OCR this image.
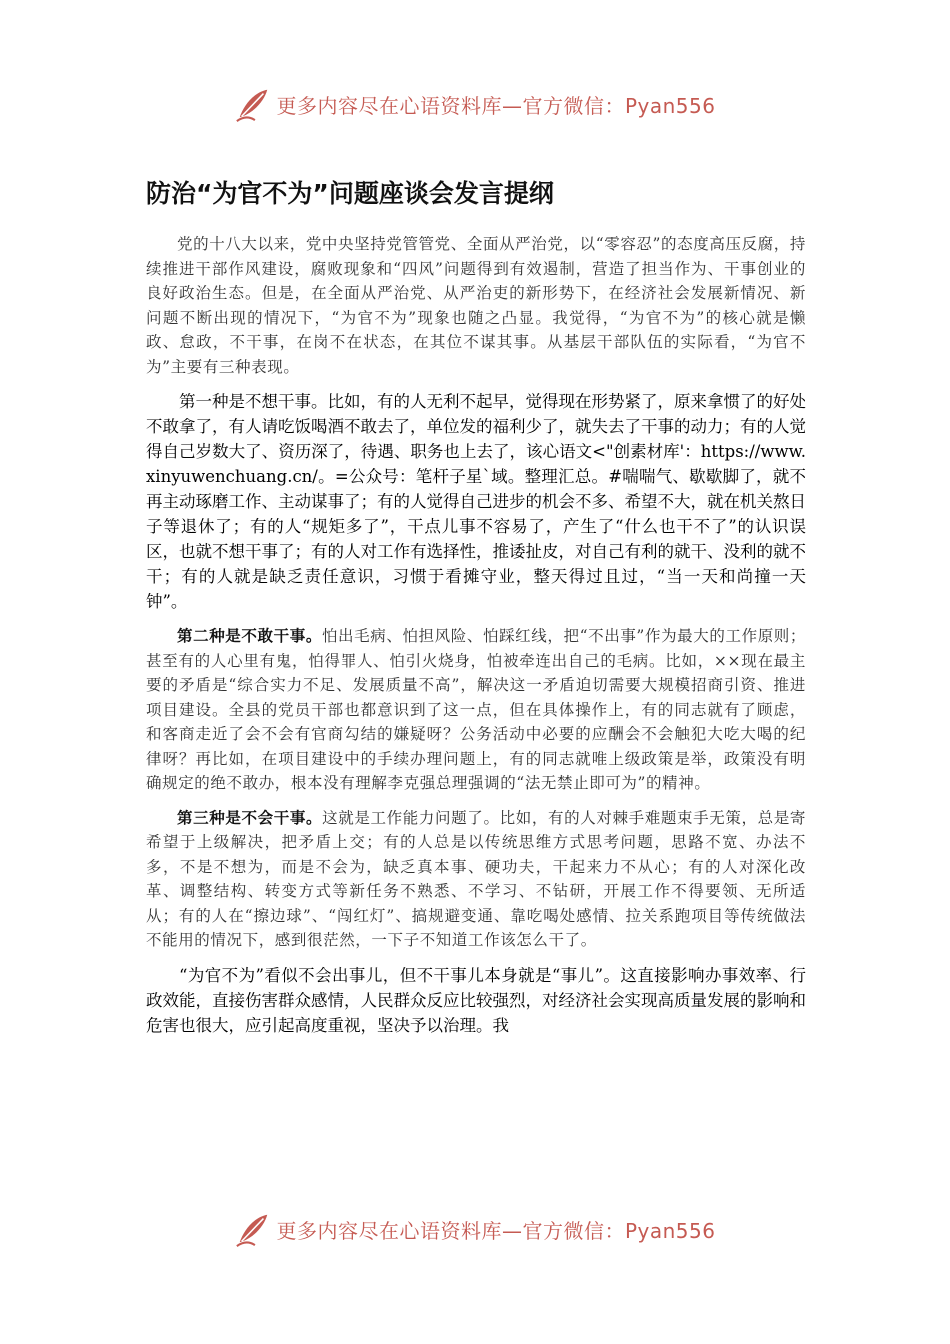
更多内容尽在心语资料库—官方微信：Pyan556
防治“为官不为”问题座谈会发言提纲

党的十八大以来，党中央坚持党管管党、全面从严治党，以“零容忍”的态度高压反腐，持续推进干部作风建设，腐败现象和“四风”问题得到有效遏制，营造了担当作为、干事创业的良好政治生态。但是，在全面从严治党、从严治吏的新形势下，在经济社会发展新情况、新问题不断出现的情况下，“为官不为”现象也随之凸显。我觉得，“为官不为”的核心就是懒政、怠政，不干事，在岗不在状态，在其位不谋其事。从基层干部队伍的实际看，“为官不为”主要有三种表现。

第一种是不想干事。比如，有的人无利不起早，觉得现在形势紧了，原来拿惯了的好处不敢拿了，有人请吃饭喝酒不敢去了，单位发的福利少了，就失去了干事的动力；有的人觉得自己岁数大了、资历深了，待遇、职务也上去了，该心语文<"创素材库'：https://www.xinyuwenchuang.cn/。=公众号：笔杆子星`域。整理汇总。#喘喘气、歇歇脚了，就不再主动琢磨工作、主动谋事了；有的人觉得自己进步的机会不多、希望不大，就在机关熬日子等退休了；有的人“规矩多了”，干点儿事不容易了，产生了“什么也干不了”的认识误区，也就不想干事了；有的人对工作有选择性，推诿扯皮，对自己有利的就干、没利的就不干；有的人就是缺乏责任意识，习惯于看摊守业，整天得过且过，“当一天和尚撞一天钟”。

第二种是不敢干事。怕出毛病、怕担风险、怕踩红线，把“不出事”作为最大的工作原则；甚至有的人心里有鬼，怕得罪人、怕引火烧身，怕被牵连出自己的毛病。比如，××现在最主要的矛盾是“综合实力不足、发展质量不高”，解决这一矛盾迫切需要大规模招商引资、推进项目建设。全县的党员干部也都意识到了这一点，但在具体操作上，有的同志就有了顾虑，和客商走近了会不会有官商勾结的嫌疑呀？公务活动中必要的应酬会不会触犯大吃大喝的纪律呀？再比如，在项目建设中的手续办理问题上，有的同志就唯上级政策是举，政策没有明确规定的绝不敢办，根本没有理解李克强总理强调的“法无禁止即可为”的精神。

第三种是不会干事。这就是工作能力问题了。比如，有的人对棘手难题束手无策，总是寄希望于上级解决，把矛盾上交；有的人总是以传统思维方式思考问题，思路不宽、办法不多，不是不想为，而是不会为，缺乏真本事、硬功夫，干起来力不从心；有的人对深化改革、调整结构、转变方式等新任务不熟悉、不学习、不钻研，开展工作不得要领、无所适从；有的人在“擦边球”、“闯红灯”、搞规避变通、靠吃喝处感情、拉关系跑项目等传统做法不能用的情况下，感到很茫然，一下子不知道工作该怎么干了。

“为官不为”看似不会出事儿，但不干事儿本身就是“事儿”。这直接影响办事效率、行政效能，直接伤害群众感情，人民群众反应比较强烈，对经济社会实现高质量发展的影响和危害也很大，应引起高度重视，坚决予以治理。我

更多内容尽在心语资料库—官方微信：Pyan556
